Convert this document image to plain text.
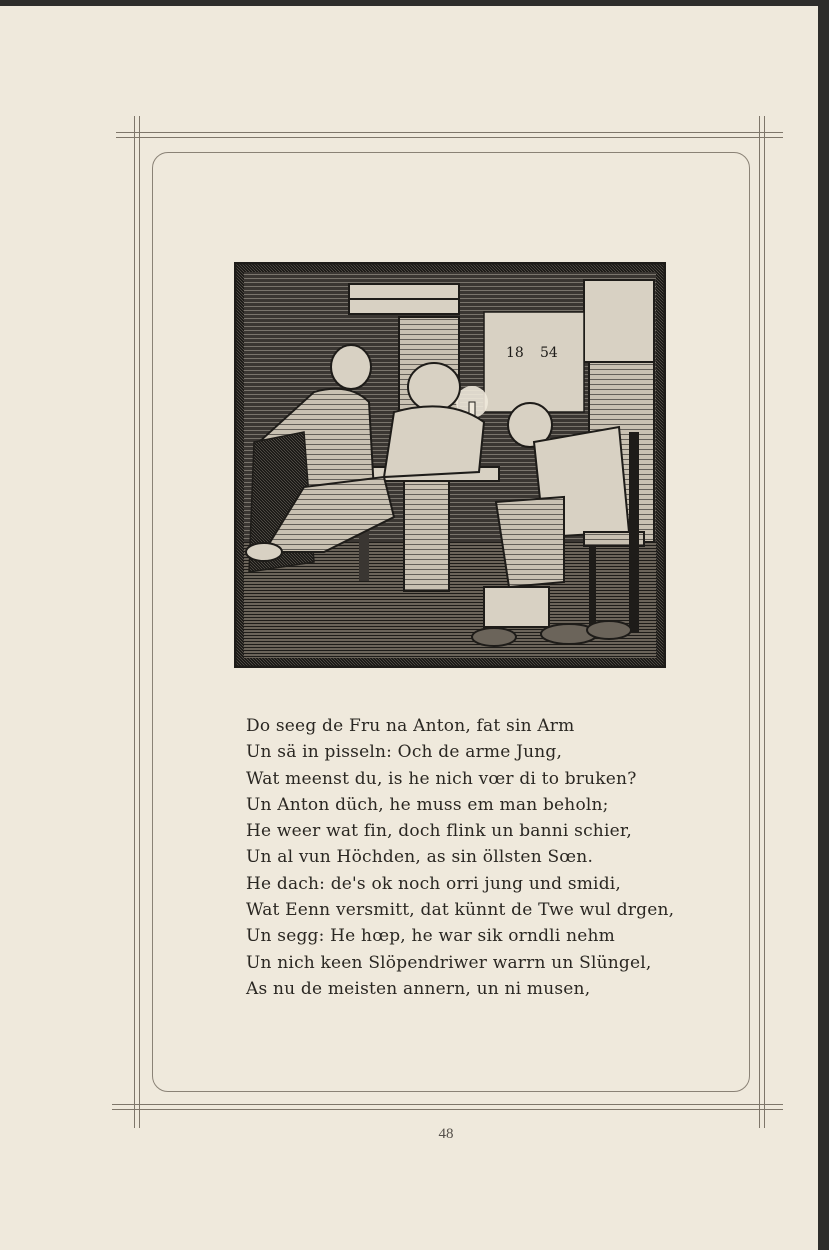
18 54
Do seeg de Fru na Anton, fat sin Arm
Un sä in pisseln: Och de arme Jung,
Wat meenst du, is he nich vœr di to bruken?
Un Anton düch, he muss em man beholn;
He weer wat fin, doch flink un banni schier,
Un al vun Höchden, as sin öllsten Sœn.
He dach: de's ok noch orri jung und smidi,
Wat Eenn versmitt, dat künnt de Twe wul drgen,
Un segg: He hœp, he war sik orndli nehm
Un nich keen Slöpendriwer warrn un Slüngel,
As nu de meisten annern, un ni musen,
48
